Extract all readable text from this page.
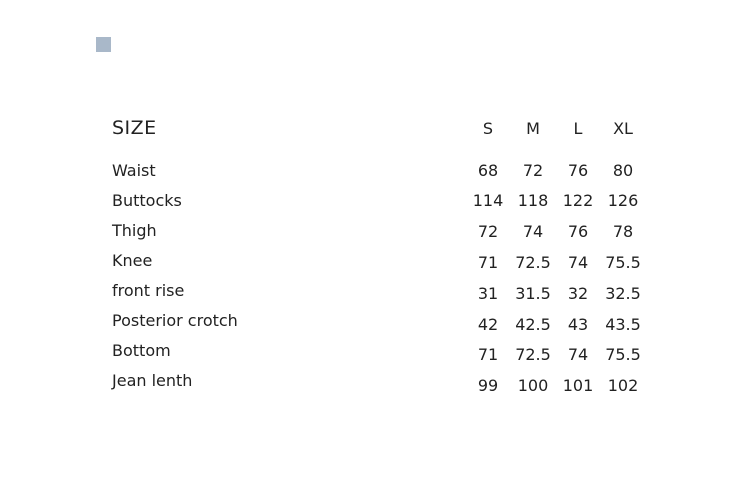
SIZE	S	M	L	XL
Waist	68	72	76	80
Buttocks	114 118 122 126
Thigh	72	74	76	78
Knee	71	72.5	74	75.5
front rise	31	31.5	32	32.5
Posterior crotch	42	42.5	43	43.5
Bottom	71	72.5	74	75.5
Jean lenth	99	100 101 102
